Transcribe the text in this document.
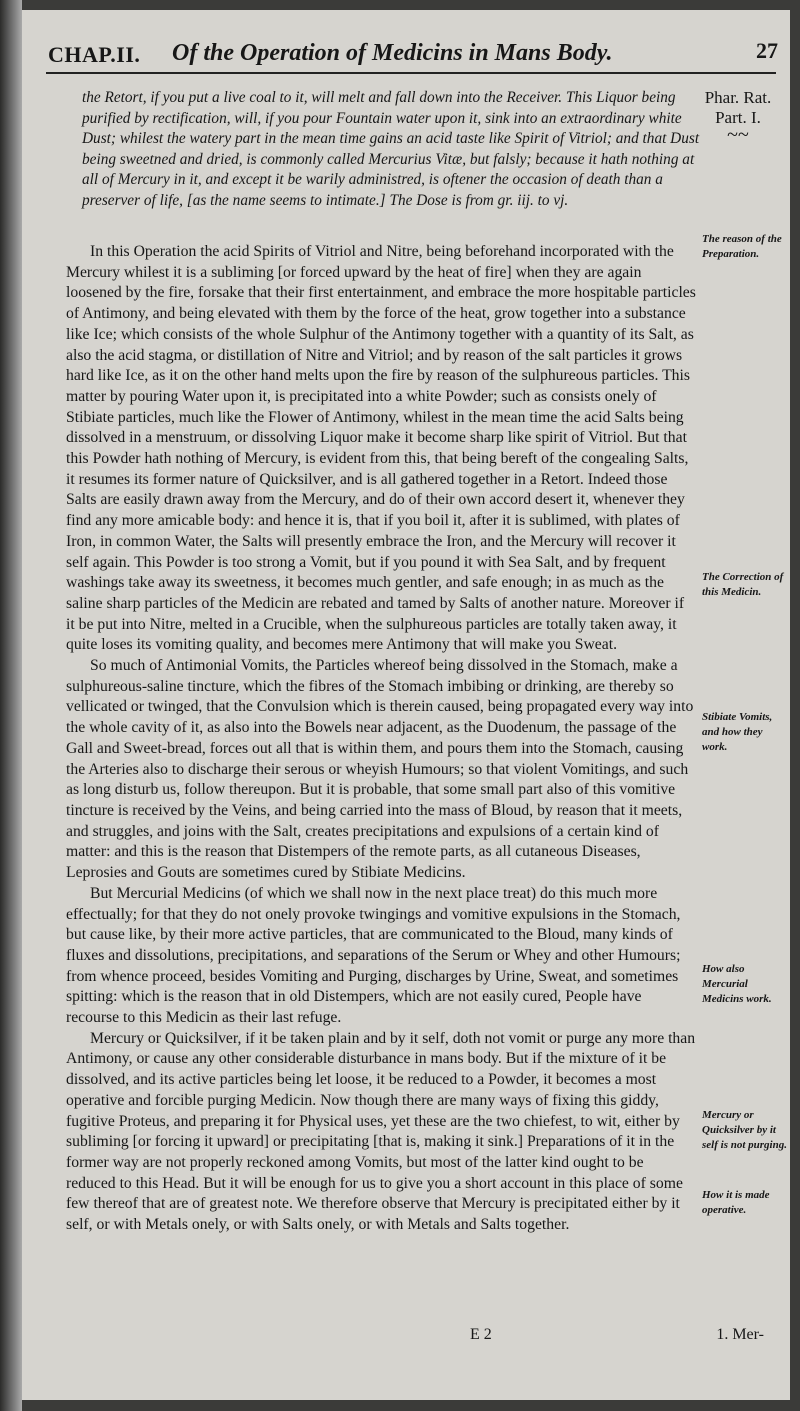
CHAP.II. Of the Operation of Medicins in Mans Body.	27
Phar. Rat.
Part. I.
~~
the Retort, if you put a live coal to it, will melt and fall down into the Receiver. This Liquor being purified by rectification, will, if you pour Fountain water upon it, sink into an extraordinary white Dust; whilest the watery part in the mean time gains an acid taste like Spirit of Vitriol; and that Dust being sweetned and dried, is commonly called Mercurius Vitæ, but falsly; because it hath nothing at all of Mercury in it, and except it be warily administred, is oftener the occasion of death than a preserver of life, [as the name seems to intimate.] The Dose is from gr. iij. to vj.

In this Operation the acid Spirits of Vitriol and Nitre, being beforehand incorporated with the Mercury whilest it is a subliming [or forced upward by the heat of fire] when they are again loosened by the fire, forsake that their first entertainment, and embrace the more hospitable particles of Antimony, and being elevated with them by the force of the heat, grow together into a substance like Ice; which consists of the whole Sulphur of the Antimony together with a quantity of its Salt, as also the acid stagma, or distillation of Nitre and Vitriol; and by reason of the salt particles it grows hard like Ice, as it on the other hand melts upon the fire by reason of the sulphureous particles. This matter by pouring Water upon it, is precipitated into a white Powder; such as consists onely of Stibiate particles, much like the Flower of Antimony, whilest in the mean time the acid Salts being dissolved in a menstruum, or dissolving Liquor make it become sharp like spirit of Vitriol. But that this Powder hath nothing of Mercury, is evident from this, that being bereft of the congealing Salts, it resumes its former nature of Quicksilver, and is all gathered together in a Retort. Indeed those Salts are easily drawn away from the Mercury, and do of their own accord desert it, whenever they find any more amicable body: and hence it is, that if you boil it, after it is sublimed, with plates of Iron, in common Water, the Salts will presently embrace the Iron, and the Mercury will recover it self again. This Powder is too strong a Vomit, but if you pound it with Sea Salt, and by frequent washings take away its sweetness, it becomes much gentler, and safe enough; in as much as the saline sharp particles of the Medicin are rebated and tamed by Salts of another nature. Moreover if it be put into Nitre, melted in a Crucible, when the sulphureous particles are totally taken away, it quite loses its vomiting quality, and becomes mere Antimony that will make you Sweat.

So much of Antimonial Vomits, the Particles whereof being dissolved in the Stomach, make a sulphureous-saline tincture, which the fibres of the Stomach imbibing or drinking, are thereby so vellicated or twinged, that the Convulsion which is therein caused, being propagated every way into the whole cavity of it, as also into the Bowels near adjacent, as the Duodenum, the passage of the Gall and Sweet-bread, forces out all that is within them, and pours them into the Stomach, causing the Arteries also to discharge their serous or wheyish Humours; so that violent Vomitings, and such as long disturb us, follow thereupon. But it is probable, that some small part also of this vomitive tincture is received by the Veins, and being carried into the mass of Bloud, by reason that it meets, and struggles, and joins with the Salt, creates precipitations and expulsions of a certain kind of matter: and this is the reason that Distempers of the remote parts, as all cutaneous Diseases, Leprosies and Gouts are sometimes cured by Stibiate Medicins.

But Mercurial Medicins (of which we shall now in the next place treat) do this much more effectually; for that they do not onely provoke twingings and vomitive expulsions in the Stomach, but cause like, by their more active particles, that are communicated to the Bloud, many kinds of fluxes and dissolutions, precipitations, and separations of the Serum or Whey and other Humours; from whence proceed, besides Vomiting and Purging, discharges by Urine, Sweat, and sometimes spitting: which is the reason that in old Distempers, which are not easily cured, People have recourse to this Medicin as their last refuge.

Mercury or Quicksilver, if it be taken plain and by it self, doth not vomit or purge any more than Antimony, or cause any other considerable disturbance in mans body. But if the mixture of it be dissolved, and its active particles being let loose, it be reduced to a Powder, it becomes a most operative and forcible purging Medicin. Now though there are many ways of fixing this giddy, fugitive Proteus, and preparing it for Physical uses, yet these are the two chiefest, to wit, either by subliming [or forcing it upward] or precipitating [that is, making it sink.] Preparations of it in the former way are not properly reckoned among Vomits, but most of the latter kind ought to be reduced to this Head. But it will be enough for us to give you a short account in this place of some few thereof that are of greatest note. We therefore observe that Mercury is precipitated either by it self, or with Metals onely, or with Salts onely, or with Metals and Salts together.

The reason of the Preparation.
The Correction of this Medicin.
Stibiate Vomits, and how they work.
How also Mercurial Medicins work.
Mercury or Quicksilver by it self is not purging.
How it is made operative.
E 2	1. Mer-
